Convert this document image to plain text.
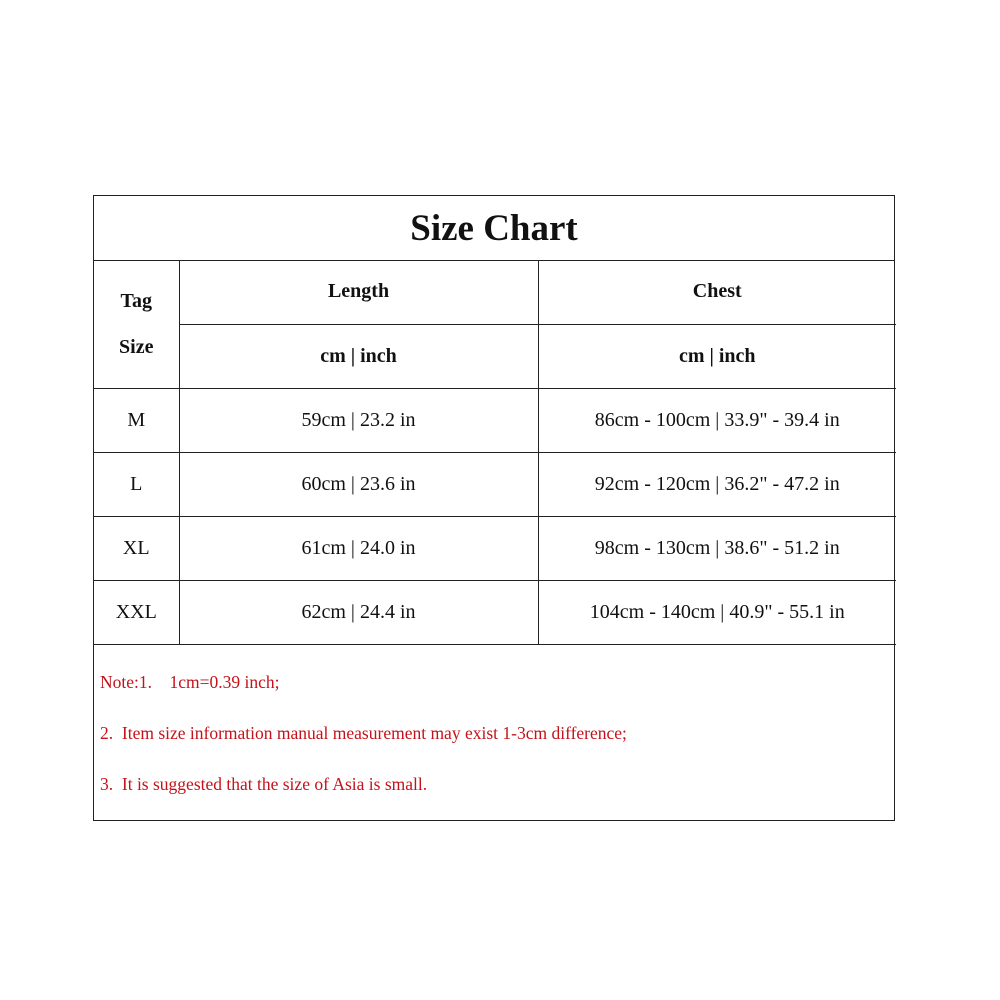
Size Chart
Tag
Size	Length	Chest
	cm | inch	cm | inch
M	59cm | 23.2 in	86cm - 100cm | 33.9" - 39.4 in
L	60cm | 23.6 in	92cm - 120cm | 36.2" - 47.2 in
XL	61cm | 24.0 in	98cm - 130cm | 38.6" - 51.2 in
XXL	62cm | 24.4 in	104cm - 140cm | 40.9" - 55.1 in
Note:1.    1cm=0.39 inch;
2.  Item size information manual measurement may exist 1-3cm difference;
3.  It is suggested that the size of Asia is small.
